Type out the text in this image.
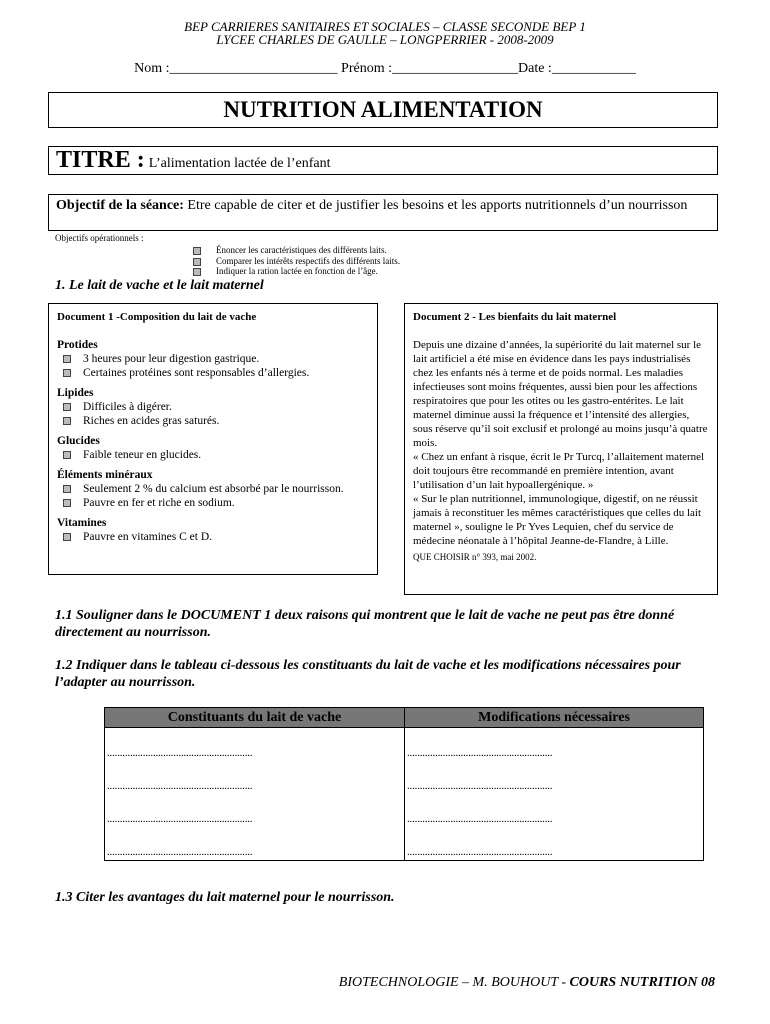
BEP CARRIERES SANITAIRES ET SOCIALES – CLASSE SECONDE BEP 1
LYCEE CHARLES DE GAULLE – LONGPERRIER - 2008-2009
Nom :________________________ Prénom :__________________Date :____________
NUTRITION ALIMENTATION
TITRE : L’alimentation lactée de l’enfant
Objectif de la séance: Etre capable de citer et de justifier les besoins et les apports nutritionnels d’un nourrisson
Objectifs opérationnels :
Énoncer les caractéristiques des différents laits.
Comparer les intérêts respectifs des différents laits.
Indiquer la ration lactée en fonction de l’âge.
1. Le lait de vache et le lait maternel
Document 1 -Composition du lait de vache
Protides
3 heures pour leur digestion gastrique.
Certaines protéines sont responsables d’allergies.
Lipides
Difficiles à digérer.
Riches en acides gras saturés.
Glucides
Faible teneur en glucides.
Éléments minéraux
Seulement 2 % du calcium est absorbé par le nourrisson.
Pauvre en fer et riche en sodium.
Vitamines
Pauvre en vitamines C et D.
Document 2 - Les bienfaits du lait maternel

Depuis une dizaine d’années, la supériorité du lait maternel sur le lait artificiel a été mise en évidence dans les pays industrialisés chez les enfants nés à terme et de poids normal. Les maladies infectieuses sont moins fréquentes, aussi bien pour les affections respiratoires que pour les otites ou les gastro-entérites. Le lait maternel diminue aussi la fréquence et l’intensité des allergies, sous réserve qu’il soit exclusif et prolongé au moins jusqu’à quatre mois.

« Chez un enfant à risque, écrit le Pr Turcq, l’allaitement maternel doit toujours être recommandé en première intention, avant l’utilisation d’un lait hypoallergénique. »

« Sur le plan nutritionnel, immunologique, digestif, on ne réussit jamais à reconstituer les mêmes caractéristiques que celles du lait maternel », souligne le Pr Yves Lequien, chef du service de médecine néonatale à l’hôpital Jeanne-de-Flandre, à Lille.

QUE CHOISIR n° 393, mai 2002.

1.1 Souligner dans le DOCUMENT 1 deux raisons qui montrent que le lait de vache ne peut pas être donné directement au nourrisson.
1.2 Indiquer dans le tableau ci-dessous les constituants du lait de vache et les modifications nécessaires pour l’adapter au nourrisson.
Constituants du lait de vache	Modifications nécessaires
.........................................................	.........................................................
.........................................................	.........................................................
.........................................................	.........................................................
.........................................................	.........................................................
1.3 Citer les avantages du lait maternel pour le nourrisson.
BIOTECHNOLOGIE – M. BOUHOUT - COURS NUTRITION 08
